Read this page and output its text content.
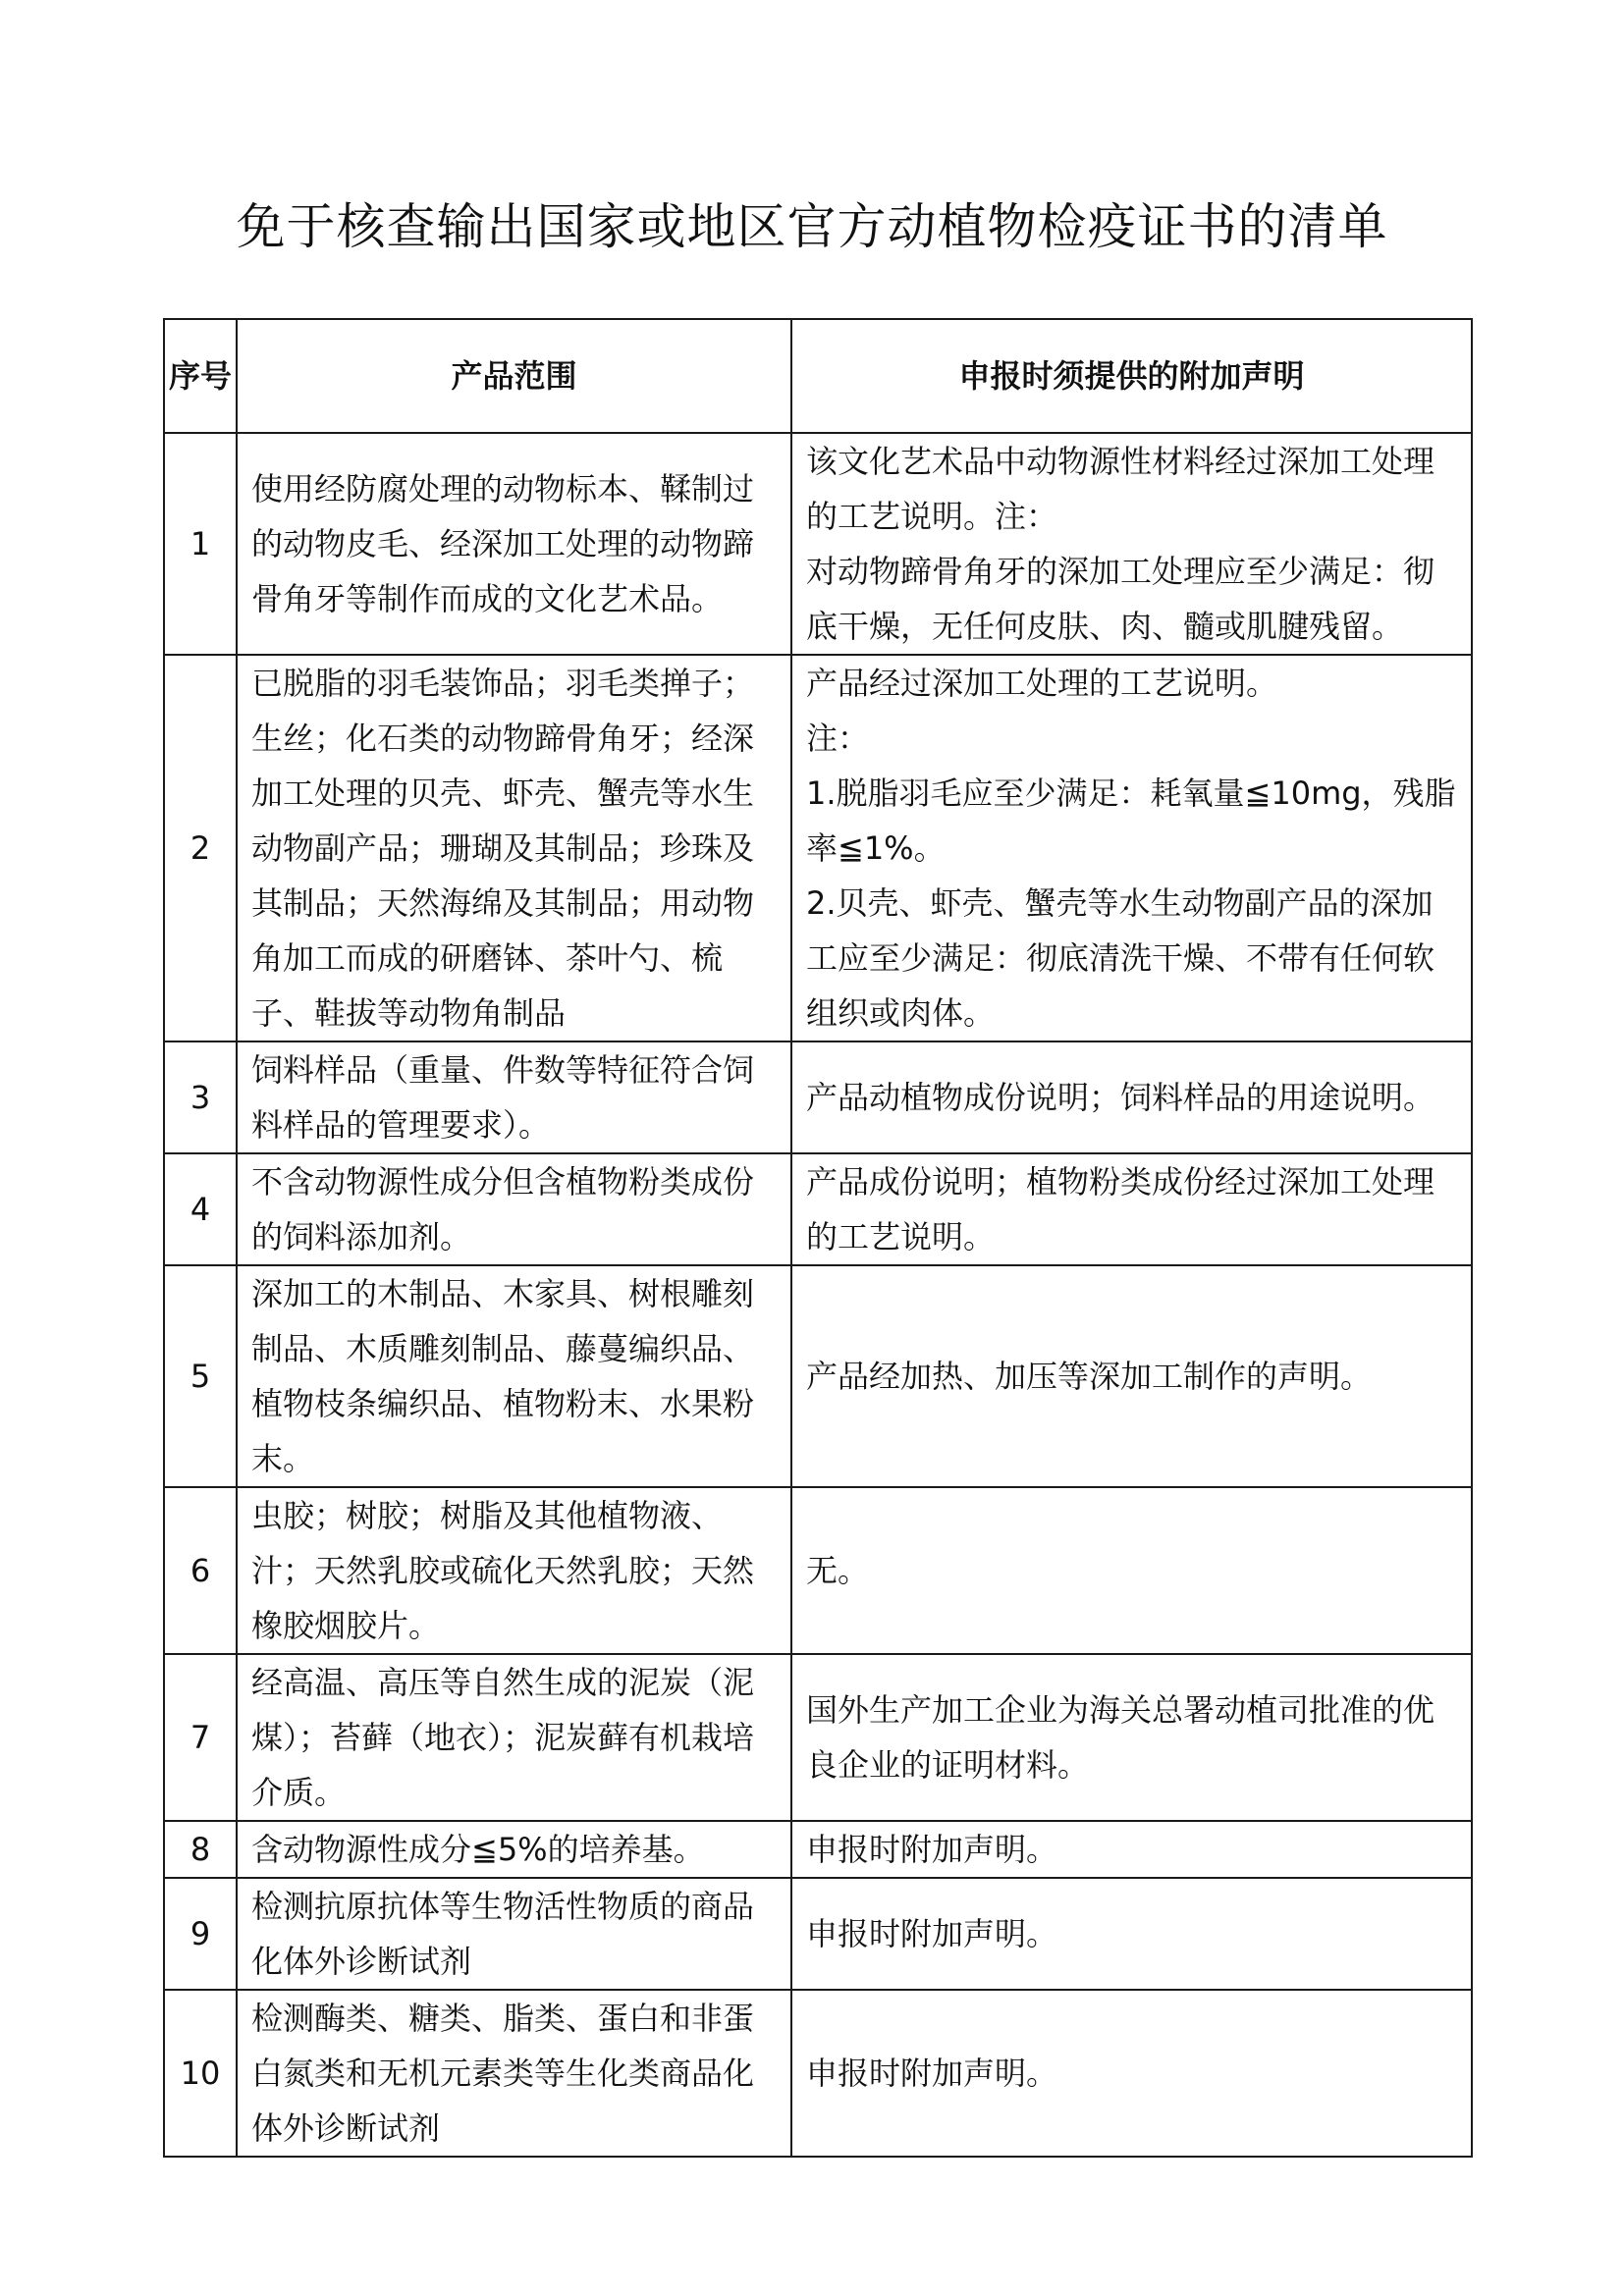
免于核查输出国家或地区官方动植物检疫证书的清单
序号	产品范围	申报时须提供的附加声明
1	使用经防腐处理的动物标本、鞣制过的动物皮毛、经深加工处理的动物蹄骨角牙等制作而成的文化艺术品。	该文化艺术品中动物源性材料经过深加工处理的工艺说明。注：
对动物蹄骨角牙的深加工处理应至少满足：彻底干燥，无任何皮肤、肉、髓或肌腱残留。

2	已脱脂的羽毛装饰品；羽毛类掸子；生丝；化石类的动物蹄骨角牙；经深加工处理的贝壳、虾壳、蟹壳等水生动物副产品；珊瑚及其制品；珍珠及其制品；天然海绵及其制品；用动物角加工而成的研磨钵、茶叶勺、梳子、鞋拔等动物角制品	产品经过深加工处理的工艺说明。
注：
1.脱脂羽毛应至少满足：耗氧量≦10mg，残脂率≦1%。
2.贝壳、虾壳、蟹壳等水生动物副产品的深加工应至少满足：彻底清洗干燥、不带有任何软组织或肉体。

3	饲料样品（重量、件数等特征符合饲料样品的管理要求）。	产品动植物成份说明；饲料样品的用途说明。

4	不含动物源性成分但含植物粉类成份的饲料添加剂。	产品成份说明；植物粉类成份经过深加工处理的工艺说明。

5	深加工的木制品、木家具、树根雕刻制品、木质雕刻制品、藤蔓编织品、植物枝条编织品、植物粉末、水果粉末。	产品经加热、加压等深加工制作的声明。

6	虫胶；树胶；树脂及其他植物液、汁；天然乳胶或硫化天然乳胶；天然橡胶烟胶片。	无。

7	经高温、高压等自然生成的泥炭（泥煤）；苔藓（地衣）；泥炭藓有机栽培介质。	国外生产加工企业为海关总署动植司批准的优良企业的证明材料。

8	含动物源性成分≦5%的培养基。	申报时附加声明。

9	检测抗原抗体等生物活性物质的商品化体外诊断试剂	申报时附加声明。

10	检测酶类、糖类、脂类、蛋白和非蛋白氮类和无机元素类等生化类商品化体外诊断试剂	申报时附加声明。
